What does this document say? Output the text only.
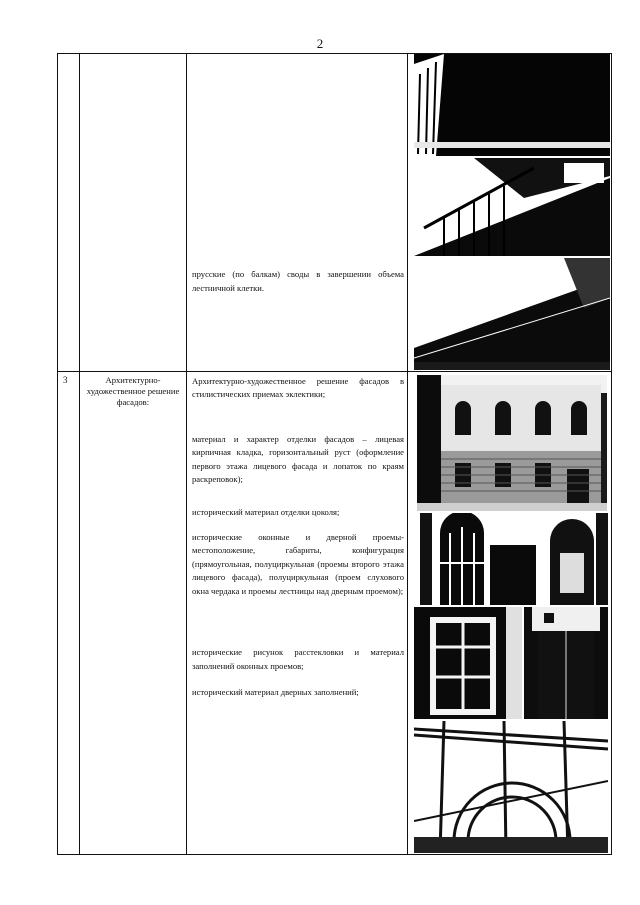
2
прусские (по балкам) своды в завершении объема лестничной клетки.
3	Архитектурно-художественное решение фасадов:
Архитектурно-художественное решение фасадов в стилистических приемах эклектики;
материал и характер отделки фасадов – лицевая кирпичная кладка, горизонтальный руст (оформление первого этажа лицевого фасада и лопаток по краям раскреповок);
исторический материал отделки цоколя;
исторические оконные и дверной проемы- местоположение, габариты, конфигурация (прямоугольная, полуциркульная (проемы второго этажа лицевого фасада), полуциркульная (проем слухового окна чердака и проемы лестницы над дверным проемом);
исторические рисунок расстекловки и материал заполнений оконных проемов;
исторический материал дверных заполнений;
